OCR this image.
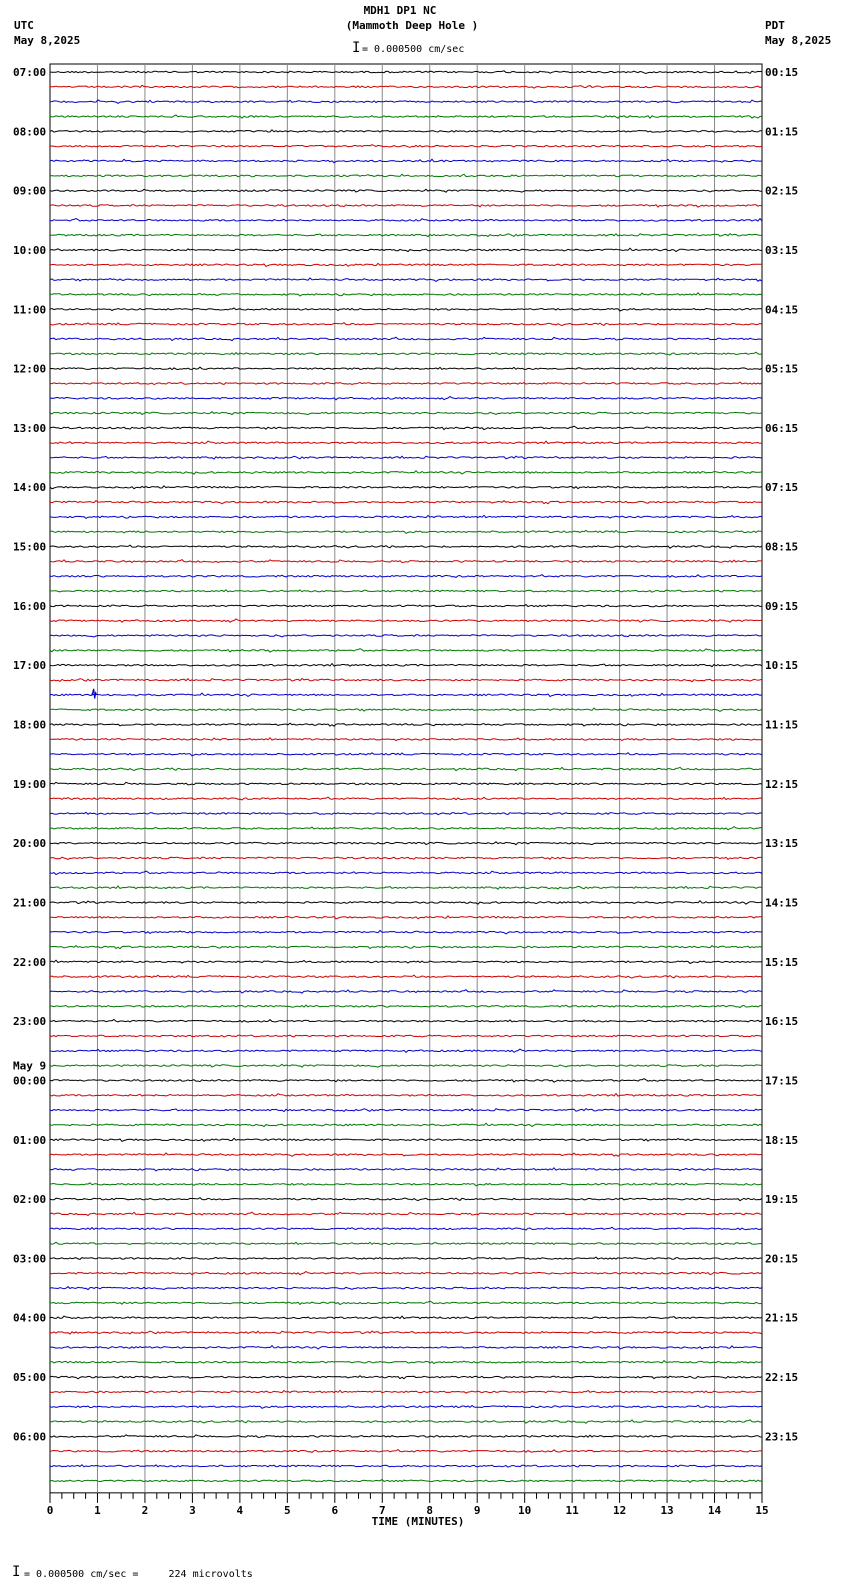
0	1	2	3	4	5	6	7	8	9	10	11	12	13	14	15
TIME (MINUTES)
I
I
07:00
08:00
09:00
10:00
11:00
12:00
13:00
14:00
15:00
16:00
17:00
18:00
19:00
20:00
21:00
22:00
23:00
00:00
01:00
02:00
03:00
04:00
05:00
06:00
May 9
00:15
01:15
02:15
03:15
04:15
05:15
06:15
07:15
08:15
09:15
10:15
11:15
12:15
13:15
14:15
15:15
16:15
17:15
18:15
19:15
20:15
21:15
22:15
23:15
MDH1 DP1 NC
(Mammoth Deep Hole )
= 0.000500 cm/sec
UTC
May 8,2025
PDT
May 8,2025
= 0.000500 cm/sec =     224 microvolts
